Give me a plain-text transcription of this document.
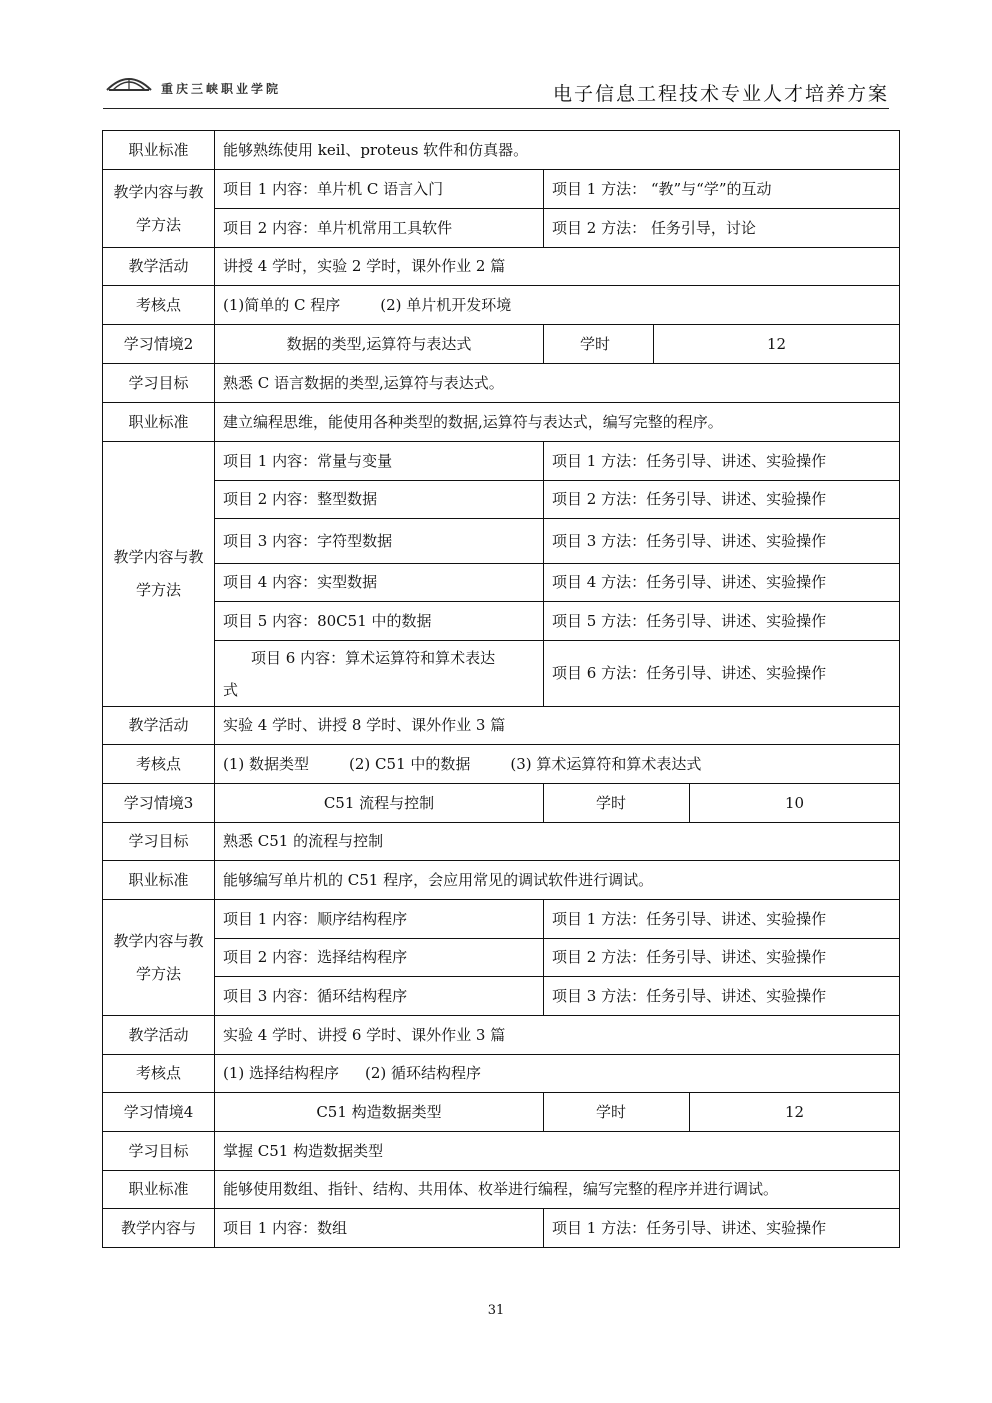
重庆三峡职业学院	电子信息工程技术专业人才培养方案
职业标准	能够熟练使用 keil、proteus 软件和仿真器。			
教学内容与教学方法	项目 1 内容：单片机 C 语言入门	项目 1 方法： “教”与“学”的互动		
	项目 2 内容：单片机常用工具软件	项目 2 方法： 任务引导，讨论		
教学活动	讲授 4 学时，实验 2 学时，课外作业 2 篇			
考核点	(1)简单的 C 程序 (2) 单片机开发环境			
学习情境2	数据的类型,运算符与表达式	学时	12	
学习目标	熟悉 C 语言数据的类型,运算符与表达式。			
职业标准	建立编程思维，能使用各种类型的数据,运算符与表达式，编写完整的程序。			
教学内容与教学方法	项目 1 内容：常量与变量	项目 1 方法：任务引导、讲述、实验操作		
	项目 2 内容：整型数据	项目 2 方法：任务引导、讲述、实验操作		
	项目 3 内容：字符型数据	项目 3 方法：任务引导、讲述、实验操作		
	项目 4 内容：实型数据	项目 4 方法：任务引导、讲述、实验操作		
	项目 5 内容：80C51 中的数据	项目 5 方法：任务引导、讲述、实验操作		

	项目 6 内容：算术运算符和算术表达
式	项目 6 方法：任务引导、讲述、实验操作		
教学活动	实验 4 学时、讲授 8 学时、课外作业 3 篇			
考核点	(1) 数据类型 (2) C51 中的数据 (3) 算术运算符和算术表达式			
学习情境3	C51 流程与控制	学时		10
学习目标	熟悉 C51 的流程与控制			
职业标准	能够编写单片机的 C51 程序，会应用常见的调试软件进行调试。			
教学内容与教学方法	项目 1 内容：顺序结构程序	项目 1 方法：任务引导、讲述、实验操作		
	项目 2 内容：选择结构程序	项目 2 方法：任务引导、讲述、实验操作		
	项目 3 内容：循环结构程序	项目 3 方法：任务引导、讲述、实验操作		
教学活动	实验 4 学时、讲授 6 学时、课外作业 3 篇			
考核点	(1) 选择结构程序 (2) 循环结构程序			
学习情境4	C51 构造数据类型	学时		12
学习目标	掌握 C51 构造数据类型			
职业标准	能够使用数组、指针、结构、共用体、枚举进行编程，编写完整的程序并进行调试。			
教学内容与	项目 1 内容：数组	项目 1 方法：任务引导、讲述、实验操作		
31
